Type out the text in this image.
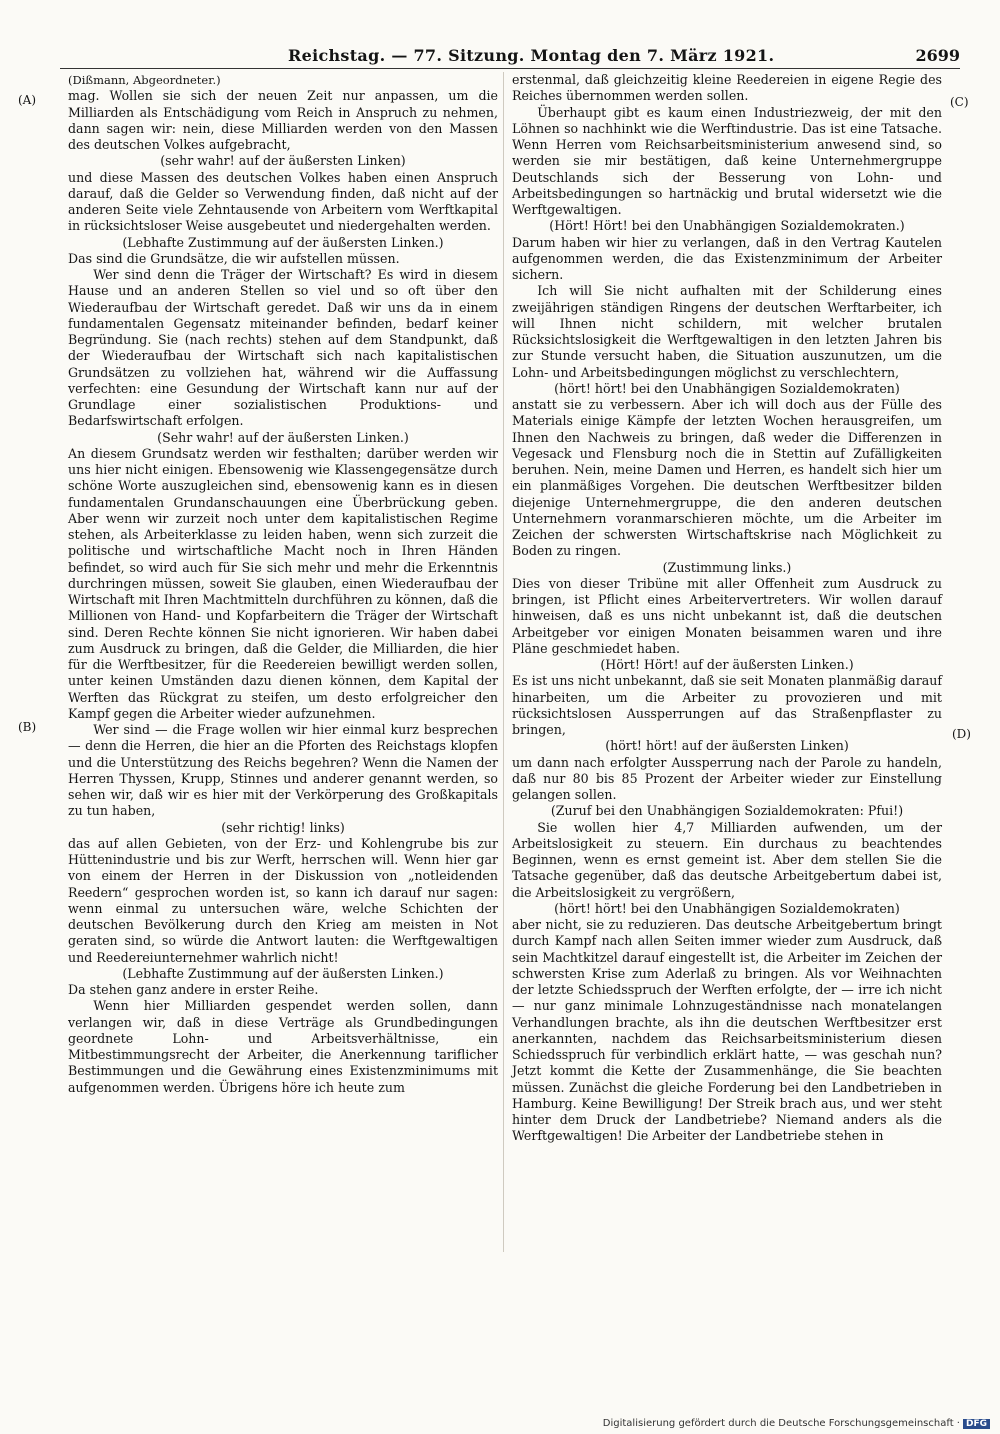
Reichstag. — 77. Sitzung. Montag den 7. März 1921.	2699
(A)
(B)
(C)
(D)

(Dißmann, Abgeordneter.)

mag. Wollen sie sich der neuen Zeit nur anpassen, um die Milliarden als Entschädigung vom Reich in Anspruch zu nehmen, dann sagen wir: nein, diese Milliarden werden von den Massen des deutschen Volkes aufgebracht,

(sehr wahr! auf der äußersten Linken)

und diese Massen des deutschen Volkes haben einen Anspruch darauf, daß die Gelder so Verwendung finden, daß nicht auf der anderen Seite viele Zehntausende von Arbeitern vom Werftkapital in rücksichtsloser Weise ausgebeutet und niedergehalten werden.

(Lebhafte Zustimmung auf der äußersten Linken.)

Das sind die Grundsätze, die wir aufstellen müssen.

Wer sind denn die Träger der Wirtschaft? Es wird in diesem Hause und an anderen Stellen so viel und so oft über den Wiederaufbau der Wirtschaft geredet. Daß wir uns da in einem fundamentalen Gegensatz miteinander befinden, bedarf keiner Begründung. Sie (nach rechts) stehen auf dem Standpunkt, daß der Wiederaufbau der Wirtschaft sich nach kapitalistischen Grundsätzen zu vollziehen hat, während wir die Auffassung verfechten: eine Gesundung der Wirtschaft kann nur auf der Grundlage einer sozialistischen Produktions- und Bedarfswirtschaft erfolgen.

(Sehr wahr! auf der äußersten Linken.)

An diesem Grundsatz werden wir festhalten; darüber werden wir uns hier nicht einigen. Ebensowenig wie Klassengegensätze durch schöne Worte auszugleichen sind, ebensowenig kann es in diesen fundamentalen Grundanschauungen eine Überbrückung geben. Aber wenn wir zurzeit noch unter dem kapitalistischen Regime stehen, als Arbeiterklasse zu leiden haben, wenn sich zurzeit die politische und wirtschaftliche Macht noch in Ihren Händen befindet, so wird auch für Sie sich mehr und mehr die Erkenntnis durchringen müssen, soweit Sie glauben, einen Wiederaufbau der Wirtschaft mit Ihren Machtmitteln durchführen zu können, daß die Millionen von Hand- und Kopfarbeitern die Träger der Wirtschaft sind. Deren Rechte können Sie nicht ignorieren. Wir haben dabei zum Ausdruck zu bringen, daß die Gelder, die Milliarden, die hier für die Werftbesitzer, für die Reedereien bewilligt werden sollen, unter keinen Umständen dazu dienen können, dem Kapital der Werften das Rückgrat zu steifen, um desto erfolgreicher den Kampf gegen die Arbeiter wieder aufzunehmen.

Wer sind — die Frage wollen wir hier einmal kurz besprechen — denn die Herren, die hier an die Pforten des Reichstags klopfen und die Unterstützung des Reichs begehren? Wenn die Namen der Herren Thyssen, Krupp, Stinnes und anderer genannt werden, so sehen wir, daß wir es hier mit der Verkörperung des Großkapitals zu tun haben,

(sehr richtig! links)

das auf allen Gebieten, von der Erz- und Kohlengrube bis zur Hüttenindustrie und bis zur Werft, herrschen will. Wenn hier gar von einem der Herren in der Diskussion von „notleidenden Reedern“ gesprochen worden ist, so kann ich darauf nur sagen: wenn einmal zu untersuchen wäre, welche Schichten der deutschen Bevölkerung durch den Krieg am meisten in Not geraten sind, so würde die Antwort lauten: die Werftgewaltigen und Reedereiunternehmer wahrlich nicht!

(Lebhafte Zustimmung auf der äußersten Linken.)

Da stehen ganz andere in erster Reihe.

Wenn hier Milliarden gespendet werden sollen, dann verlangen wir, daß in diese Verträge als Grundbedingungen geordnete Lohn- und Arbeitsverhältnisse, ein Mitbestimmungsrecht der Arbeiter, die Anerkennung tariflicher Bestimmungen und die Gewährung eines Existenzminimums mit aufgenommen werden. Übrigens höre ich heute zum

erstenmal, daß gleichzeitig kleine Reedereien in eigene Regie des Reiches übernommen werden sollen.

Überhaupt gibt es kaum einen Industriezweig, der mit den Löhnen so nachhinkt wie die Werftindustrie. Das ist eine Tatsache. Wenn Herren vom Reichsarbeitsministerium anwesend sind, so werden sie mir bestätigen, daß keine Unternehmergruppe Deutschlands sich der Besserung von Lohn- und Arbeitsbedingungen so hartnäckig und brutal widersetzt wie die Werftgewaltigen.

(Hört! Hört! bei den Unabhängigen Sozialdemokraten.)

Darum haben wir hier zu verlangen, daß in den Vertrag Kautelen aufgenommen werden, die das Existenzminimum der Arbeiter sichern.

Ich will Sie nicht aufhalten mit der Schilderung eines zweijährigen ständigen Ringens der deutschen Werftarbeiter, ich will Ihnen nicht schildern, mit welcher brutalen Rücksichtslosigkeit die Werftgewaltigen in den letzten Jahren bis zur Stunde versucht haben, die Situation auszunutzen, um die Lohn- und Arbeitsbedingungen möglichst zu verschlechtern,

(hört! hört! bei den Unabhängigen Sozialdemokraten)

anstatt sie zu verbessern. Aber ich will doch aus der Fülle des Materials einige Kämpfe der letzten Wochen herausgreifen, um Ihnen den Nachweis zu bringen, daß weder die Differenzen in Vegesack und Flensburg noch die in Stettin auf Zufälligkeiten beruhen. Nein, meine Damen und Herren, es handelt sich hier um ein planmäßiges Vorgehen. Die deutschen Werftbesitzer bilden diejenige Unternehmergruppe, die den anderen deutschen Unternehmern voranmarschieren möchte, um die Arbeiter im Zeichen der schwersten Wirtschaftskrise nach Möglichkeit zu Boden zu ringen.

(Zustimmung links.)

Dies von dieser Tribüne mit aller Offenheit zum Ausdruck zu bringen, ist Pflicht eines Arbeitervertreters. Wir wollen darauf hinweisen, daß es uns nicht unbekannt ist, daß die deutschen Arbeitgeber vor einigen Monaten beisammen waren und ihre Pläne geschmiedet haben.

(Hört! Hört! auf der äußersten Linken.)

Es ist uns nicht unbekannt, daß sie seit Monaten planmäßig darauf hinarbeiten, um die Arbeiter zu provozieren und mit rücksichtslosen Aussperrungen auf das Straßenpflaster zu bringen,

(hört! hört! auf der äußersten Linken)

um dann nach erfolgter Aussperrung nach der Parole zu handeln, daß nur 80 bis 85 Prozent der Arbeiter wieder zur Einstellung gelangen sollen.

(Zuruf bei den Unabhängigen Sozialdemokraten: Pfui!)

Sie wollen hier 4,7 Milliarden aufwenden, um der Arbeitslosigkeit zu steuern. Ein durchaus zu beachtendes Beginnen, wenn es ernst gemeint ist. Aber dem stellen Sie die Tatsache gegenüber, daß das deutsche Arbeitgebertum dabei ist, die Arbeitslosigkeit zu vergrößern,

(hört! hört! bei den Unabhängigen Sozialdemokraten)

aber nicht, sie zu reduzieren. Das deutsche Arbeitgebertum bringt durch Kampf nach allen Seiten immer wieder zum Ausdruck, daß sein Machtkitzel darauf eingestellt ist, die Arbeiter im Zeichen der schwersten Krise zum Aderlaß zu bringen. Als vor Weihnachten der letzte Schiedsspruch der Werften erfolgte, der — irre ich nicht — nur ganz minimale Lohnzugeständnisse nach monatelangen Verhandlungen brachte, als ihn die deutschen Werftbesitzer erst anerkannten, nachdem das Reichsarbeitsministerium diesen Schiedsspruch für verbindlich erklärt hatte, — was geschah nun? Jetzt kommt die Kette der Zusammenhänge, die Sie beachten müssen. Zunächst die gleiche Forderung bei den Landbetrieben in Hamburg. Keine Bewilligung! Der Streik brach aus, und wer steht hinter dem Druck der Landbetriebe? Niemand anders als die Werftgewaltigen! Die Arbeiter der Landbetriebe stehen in

Digitalisierung gefördert durch die Deutsche Forschungsgemeinschaft · DFG
